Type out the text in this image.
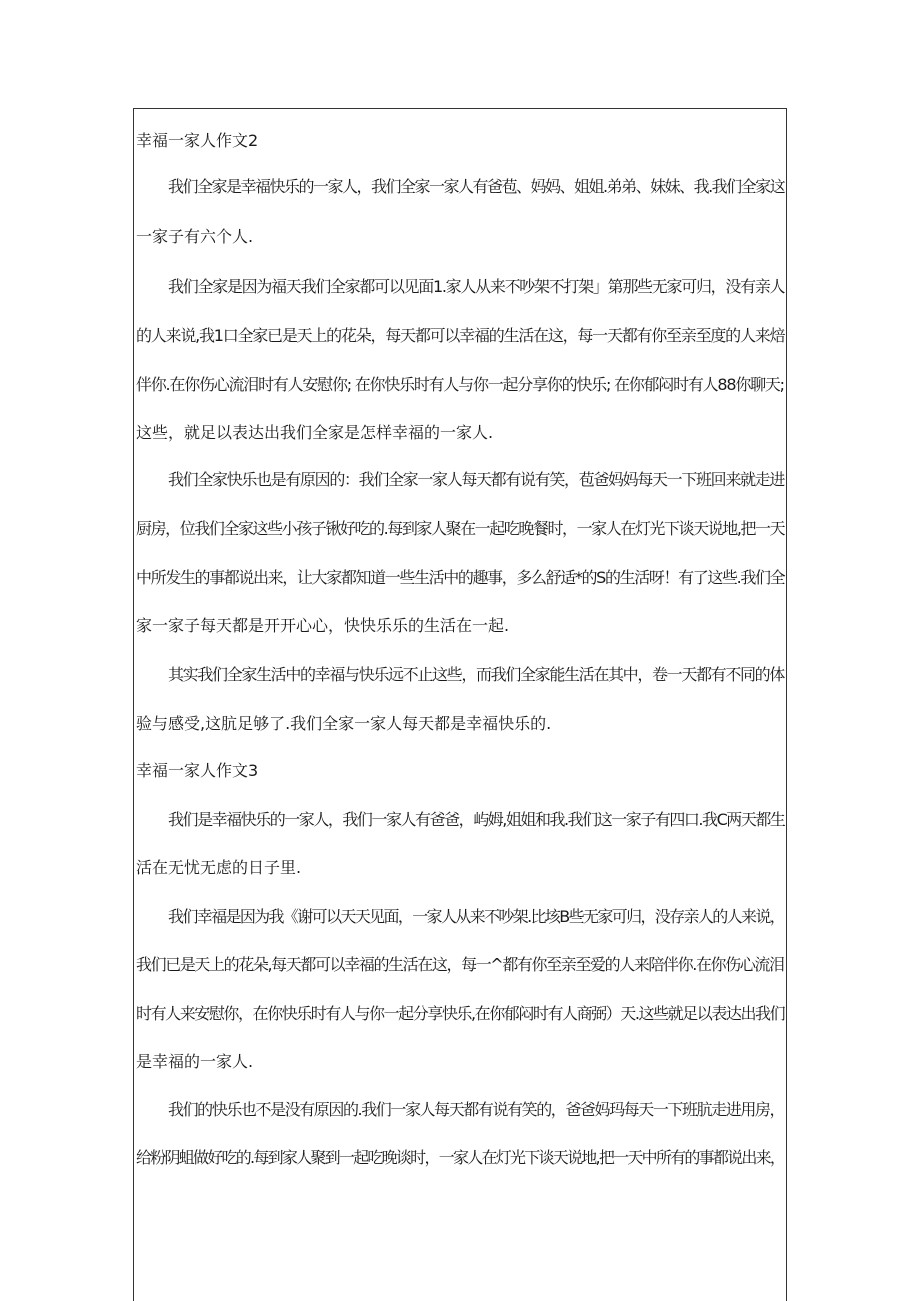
幸福一家人作文2
我们全家是幸福快乐的一家人，我们全家一家人有爸苞、妈妈、姐姐.弟弟、妹妹、我.我们全家这
一家子有六个人.
我们全家是因为福天我们全家都可以见面1.家人从来不吵架不打架」第那些无家可归，没有亲人
的人来说,我1口全家已是天上的花朵，每天都可以幸福的生活在这，每一天都有你至亲至度的人来焙
伴你.在你伤心流泪时有人安慰你; 在你快乐时有人与你一起分享你的快乐; 在你郁闷时有人88你聊天;
这些，就足以表达出我们全家是怎样幸福的一家人.
我们全家快乐也是有原因的：我们全家一家人每天都有说有笑，苞爸妈妈每天一下班回来就走进
厨房，位我们全家这些小孩子锹好吃的.每到家人聚在一起吃晚餐时，一家人在灯光下谈天说地,把一天
中所发生的事都说出来，让大家都知道一些生活中的趣事，多么舒适*的S的生活呀！有了这些.我们全
家一家子每天都是开开心心，快快乐乐的生活在一起.
其实我们全家生活中的幸福与快乐远不止这些，而我们全家能生活在其中，卷一天都有不同的体
验与感受,这肮足够了.我们全家一家人每天都是幸福快乐的.
幸福一家人作文3
我们是幸福快乐的一家人，我们一家人有爸爸，屿姆,姐姐和我.我们这一家子有四口.我C两天都生
活在无忧无虑的日子里.
我们幸福是因为我《谢可以天天见面，一家人从来不吵架.比垓B些无家可归，没存亲人的人来说，
我们已是天上的花朵,每天都可以幸福的生活在这，每一^都有你至亲至爱的人来陪伴你.在你伤心流泪
时有人来安慰你，在你快乐时有人与你一起分享快乐,在你郁闷时有人商弼）天.这些就足以表达出我们
是幸福的一家人.
我们的快乐也不是没有原因的.我们一家人每天都有说有笑的，爸爸妈玛每天一下班肮走进用房，
给粉阴蛆做好吃的.每到家人聚到一起吃晚谈时，一家人在灯光下谈天说地,把一天中所有的事都说出来，
